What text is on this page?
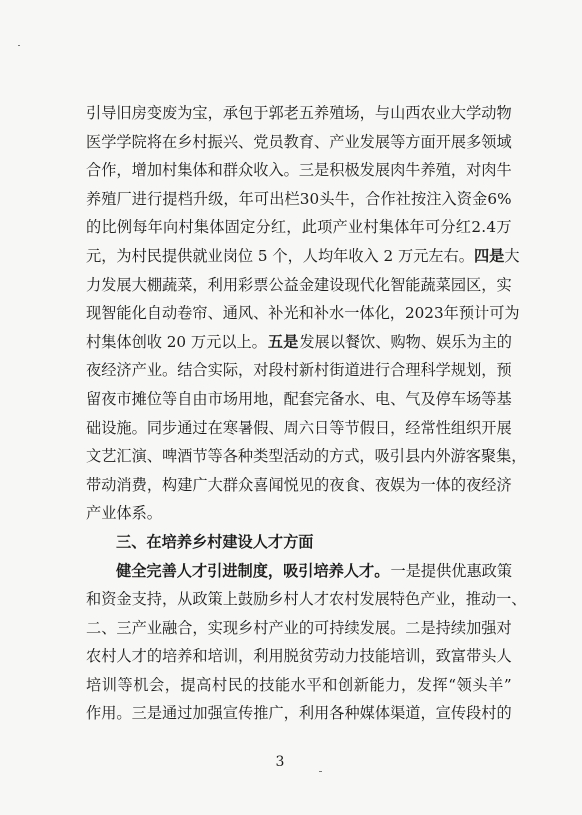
引 导 旧 房 变 废 为 宝 ， 承 包 于 郭 老 五 养 殖 场 ， 与 山 西 农 业 大 学 动 物
医 学 学 院 将 在 乡 村 振 兴 、 党 员 教 育 、 产 业 发 展 等 方 面 开 展 多 领 域
合 作 ， 增 加 村 集 体 和 群 众 收 入 。 三 是 积 极 发 展 肉 牛 养 殖 ， 对 肉 牛
养 殖 厂 进 行 提 档 升 级 ， 年 可 出 栏 3 0 头 牛 ， 合 作 社 按 注 入 资 金 6 %
的 比 例 每 年 向 村 集 体 固 定 分 红 ， 此 项 产 业 村 集 体 年 可 分 红 2 . 4 万
元，为村民提供就业岗位 5 个，人均年收入 2 万元左右。 四是大
力 发 展 大 棚 蔬 菜 ， 利 用 彩 票 公 益 金 建 设 现 代 化 智 能 蔬 菜 园 区 ， 实
现 智 能 化 自 动 卷 帘 、 通 风 、 补 光 和 补 水 一 体 化 ， 2 0 2 3 年 预 计 可 为
村集体创收 20 万元以上。 五是 发展以餐饮、购物、娱乐为主的
夜 经 济 产 业 。 结 合 实 际 ， 对 段 村 新 村 街 道 进 行 合 理 科 学 规 划 ， 预
留 夜 市 摊 位 等 自 由 市 场 用 地 ， 配 套 完 备 水 、 电 、 气 及 停 车 场 等 基
础 设 施 。 同 步 通 过 在 寒 暑 假 、 周 六 日 等 节 假 日 ， 经 常 性 组 织 开 展
文 艺 汇 演 、 啤 酒 节 等 各 种 类 型 活 动 的 方 式 ， 吸 引 县 内 外 游 客 聚 集 ，
带 动 消 费 ， 构 建 广 大 群 众 喜 闻 悦 见 的 夜 食 、 夜 娱 为 一 体 的 夜 经 济
产业体系。
三、在培养乡村建设人才方面
健全完善人才引进制度，吸引培养人才。 一是提供优惠政策
和 资 金 支 持 ， 从 政 策 上 鼓 励 乡 村 人 才 农 村 发 展 特 色 产 业 ， 推 动 一 、
二 、 三 产 业 融 合 ， 实 现 乡 村 产 业 的 可 持 续 发 展 。 二 是 持 续 加 强 对
农 村 人 才 的 培 养 和 培 训 ， 利 用 脱 贫 劳 动 力 技 能 培 训 ， 致 富 带 头 人
培 训 等 机 会 ， 提 高 村 民 的 技 能 水 平 和 创 新 能 力 ， 发 挥 “ 领 头 羊 ”
作 用 。 三 是 通 过 加 强 宣 传 推 广 ， 利 用 各 种 媒 体 渠 道 ， 宣 传 段 村 的
3
